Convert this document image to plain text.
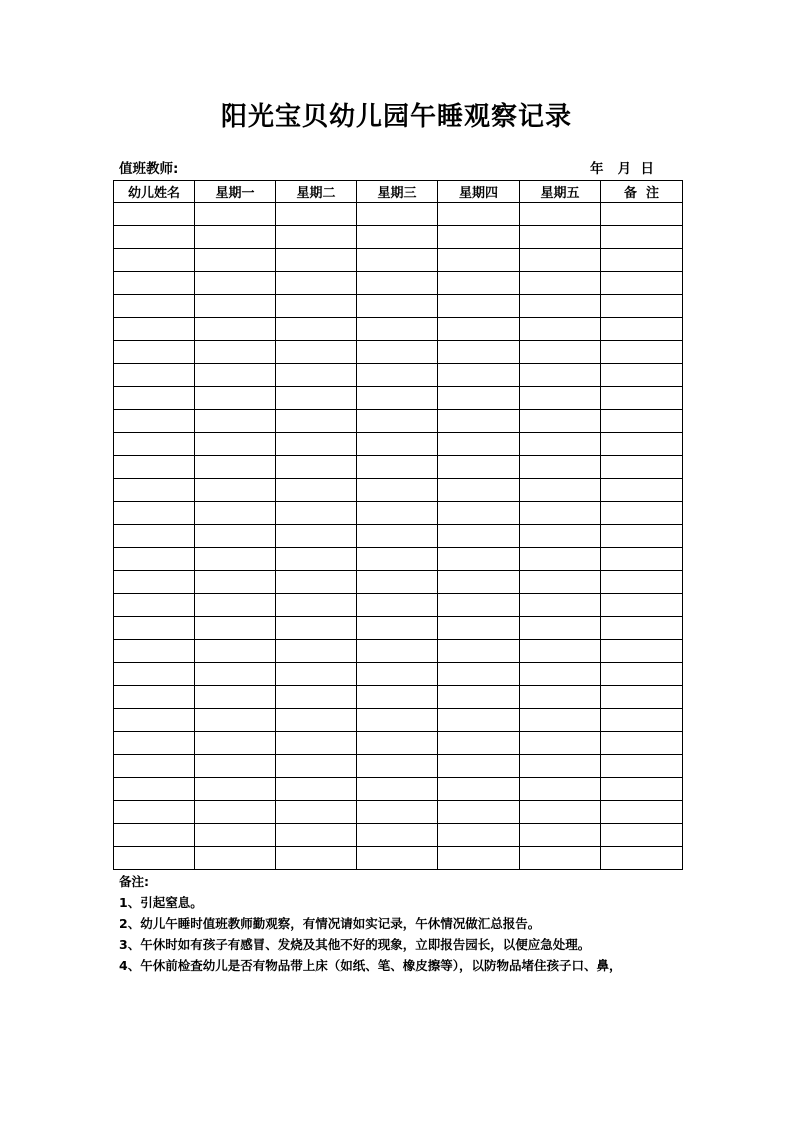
阳光宝贝幼儿园午睡观察记录
值班教师:	年   月  日
幼儿姓名	星期一	星期二	星期三	星期四	星期五	备  注

备注:
1、引起窒息。
2、幼儿午睡时值班教师勤观察，有情况请如实记录，午休情况做汇总报告。
3、午休时如有孩子有感冒、发烧及其他不好的现象，立即报告园长，以便应急处理。
4、午休前检查幼儿是否有物品带上床（如纸、笔、橡皮擦等），以防物品堵住孩子口、鼻，
